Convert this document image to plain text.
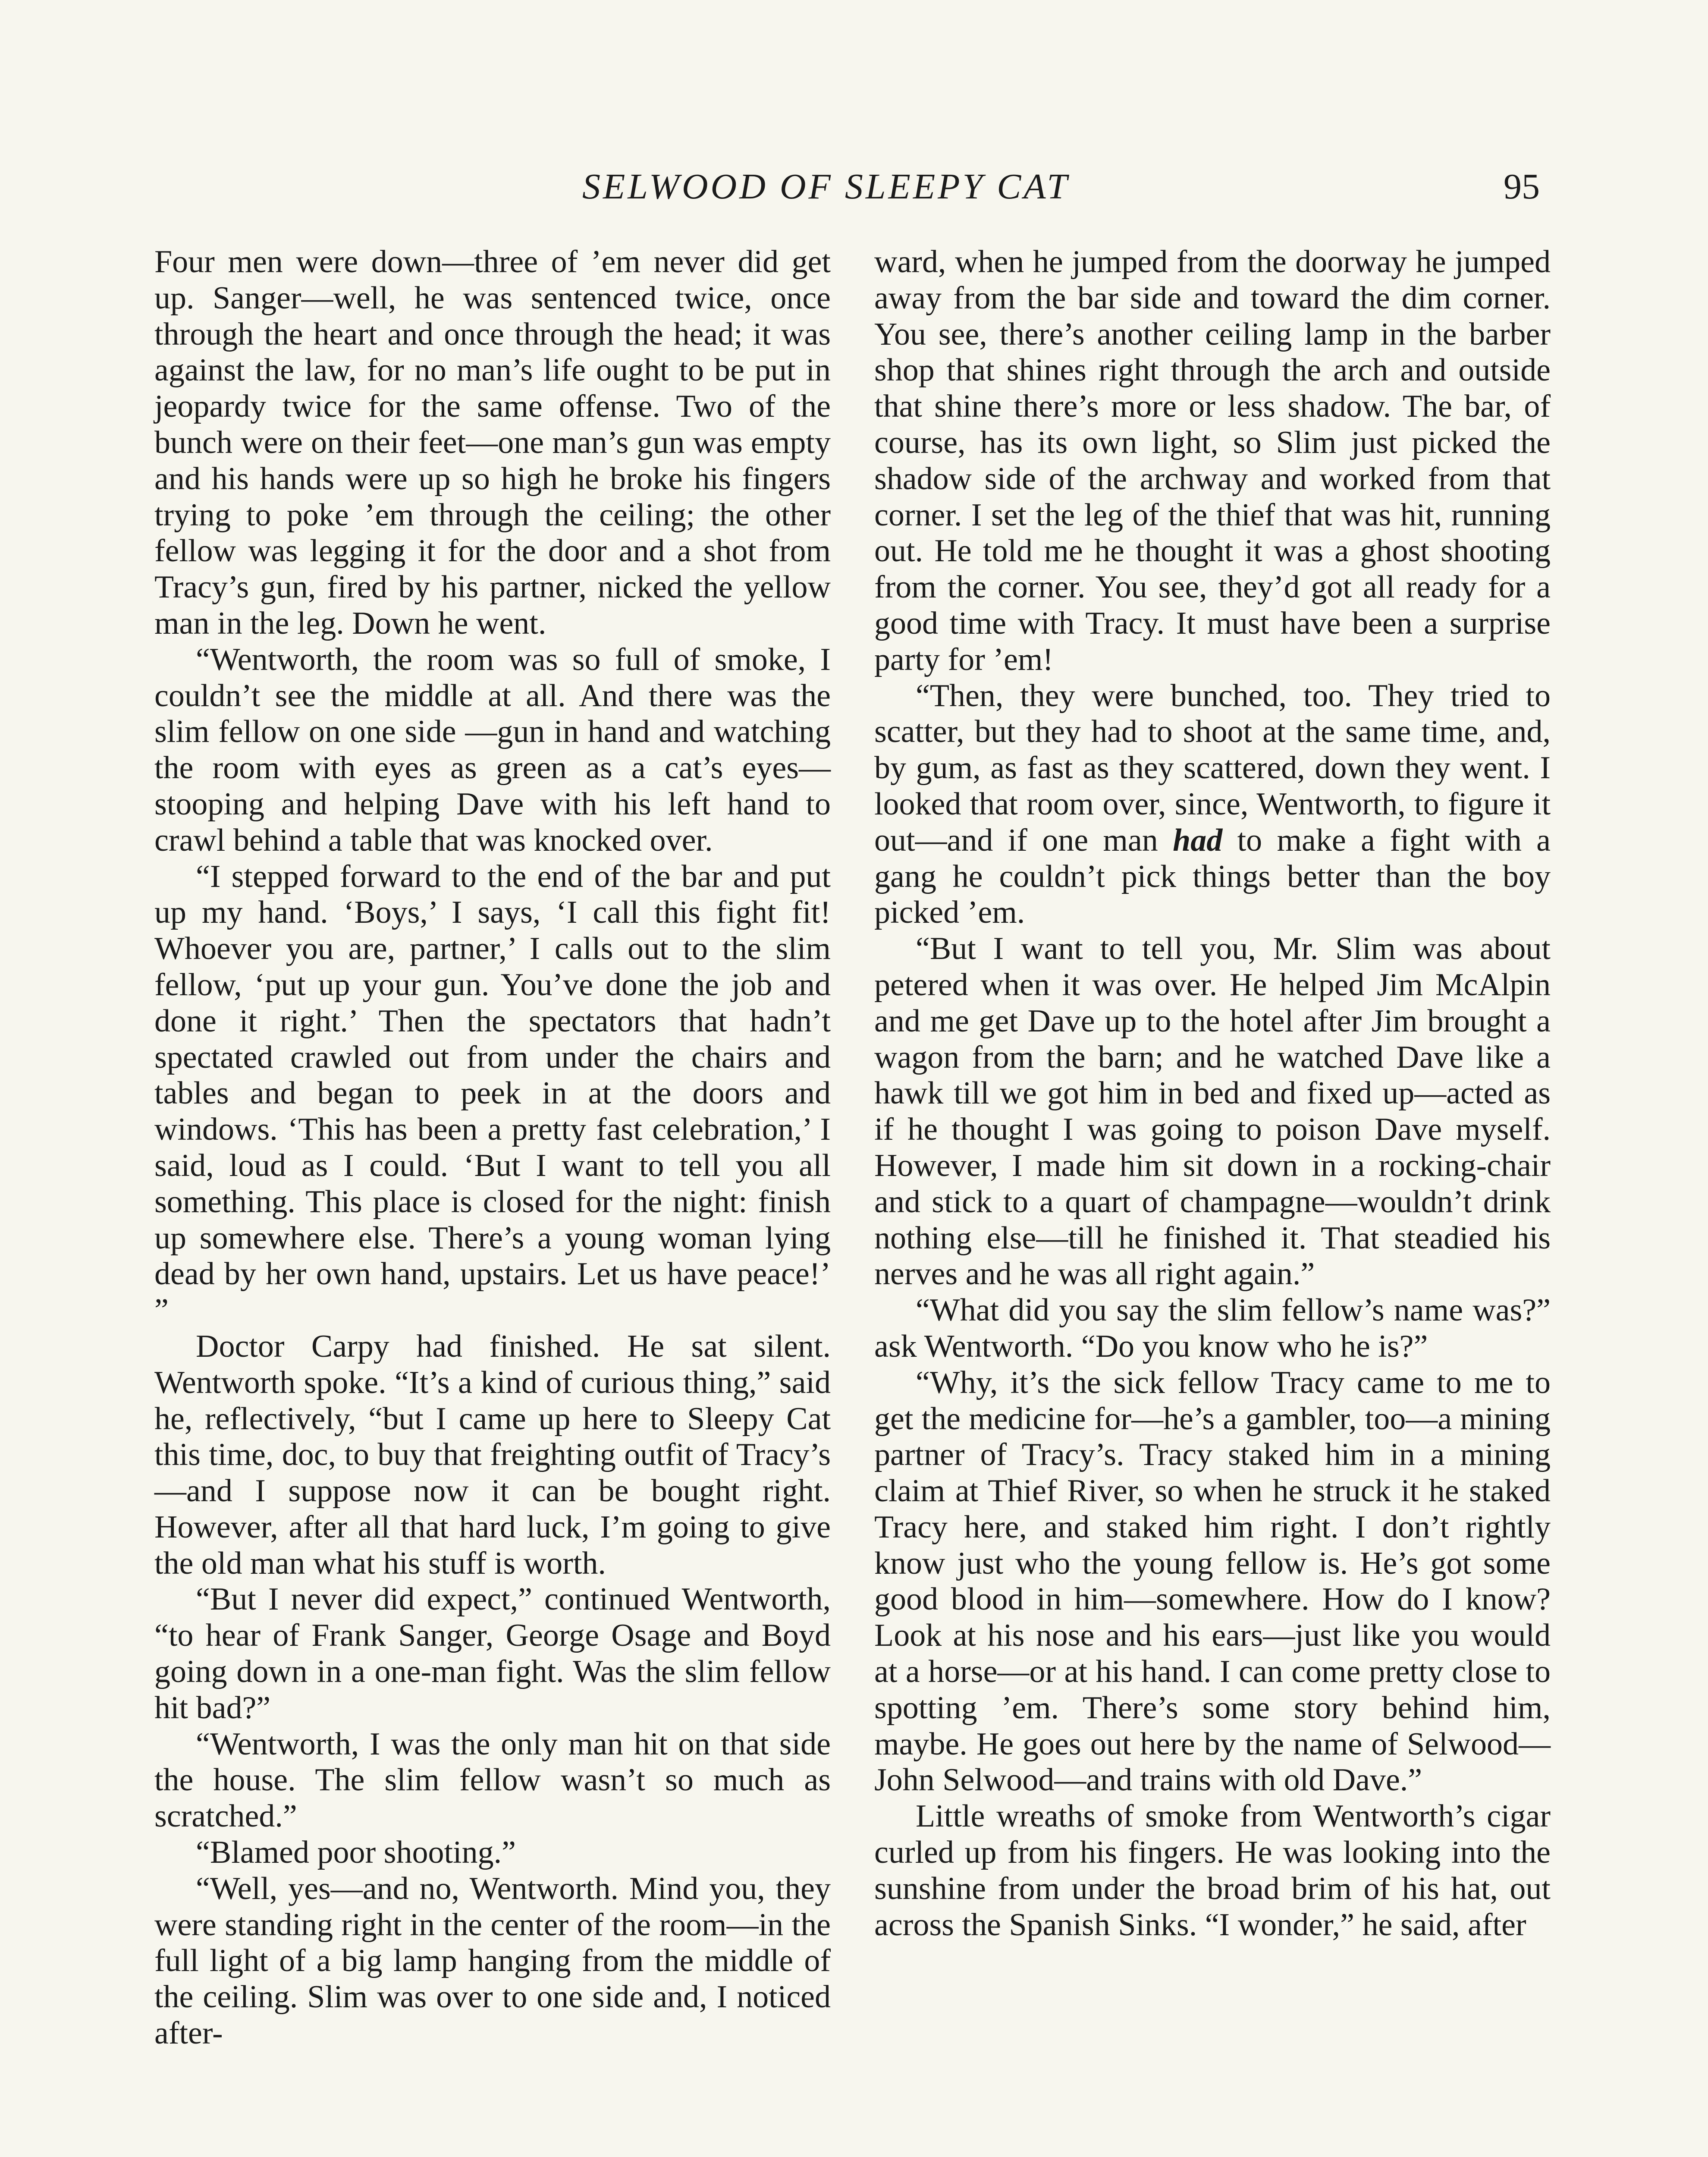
SELWOOD OF SLEEPY CAT	95

Four men were down—three of ’em never did get up. Sanger—well, he was sentenced twice, once through the heart and once through the head; it was against the law, for no man’s life ought to be put in jeopardy twice for the same offense. Two of the bunch were on their feet—one man’s gun was empty and his hands were up so high he broke his fingers trying to poke ’em through the ceiling; the other fellow was legging it for the door and a shot from Tracy’s gun, fired by his partner, nicked the yellow man in the leg. Down he went.

“Wentworth, the room was so full of smoke, I couldn’t see the middle at all. And there was the slim fellow on one side —gun in hand and watching the room with eyes as green as a cat’s eyes—stooping and helping Dave with his left hand to crawl behind a table that was knocked over.

“I stepped forward to the end of the bar and put up my hand. ‘Boys,’ I says, ‘I call this fight fit! Whoever you are, partner,’ I calls out to the slim fellow, ‘put up your gun. You’ve done the job and done it right.’ Then the spectators that hadn’t spectated crawled out from under the chairs and tables and began to peek in at the doors and windows. ‘This has been a pretty fast celebration,’ I said, loud as I could. ‘But I want to tell you all something. This place is closed for the night: finish up somewhere else. There’s a young woman lying dead by her own hand, upstairs. Let us have peace!’ ”

Doctor Carpy had finished. He sat silent. Wentworth spoke. “It’s a kind of curious thing,” said he, reflectively, “but I came up here to Sleepy Cat this time, doc, to buy that freighting outfit of Tracy’s—and I suppose now it can be bought right. However, after all that hard luck, I’m going to give the old man what his stuff is worth.

“But I never did expect,” continued Wentworth, “to hear of Frank Sanger, George Osage and Boyd going down in a one-man fight. Was the slim fellow hit bad?”

“Wentworth, I was the only man hit on that side the house. The slim fellow wasn’t so much as scratched.”

“Blamed poor shooting.”

“Well, yes—and no, Wentworth. Mind you, they were standing right in the center of the room—in the full light of a big lamp hanging from the middle of the ceiling. Slim was over to one side and, I noticed after-

ward, when he jumped from the doorway he jumped away from the bar side and toward the dim corner. You see, there’s another ceiling lamp in the barber shop that shines right through the arch and outside that shine there’s more or less shadow. The bar, of course, has its own light, so Slim just picked the shadow side of the archway and worked from that corner. I set the leg of the thief that was hit, running out. He told me he thought it was a ghost shooting from the corner. You see, they’d got all ready for a good time with Tracy. It must have been a surprise party for ’em!

“Then, they were bunched, too. They tried to scatter, but they had to shoot at the same time, and, by gum, as fast as they scattered, down they went. I looked that room over, since, Wentworth, to figure it out—and if one man had to make a fight with a gang he couldn’t pick things better than the boy picked ’em.

“But I want to tell you, Mr. Slim was about petered when it was over. He helped Jim McAlpin and me get Dave up to the hotel after Jim brought a wagon from the barn; and he watched Dave like a hawk till we got him in bed and fixed up—acted as if he thought I was going to poison Dave myself. However, I made him sit down in a rocking-chair and stick to a quart of champagne—wouldn’t drink nothing else—till he finished it. That steadied his nerves and he was all right again.”

“What did you say the slim fellow’s name was?” ask Wentworth. “Do you know who he is?”

“Why, it’s the sick fellow Tracy came to me to get the medicine for—he’s a gambler, too—a mining partner of Tracy’s. Tracy staked him in a mining claim at Thief River, so when he struck it he staked Tracy here, and staked him right. I don’t rightly know just who the young fellow is. He’s got some good blood in him—somewhere. How do I know? Look at his nose and his ears—just like you would at a horse—or at his hand. I can come pretty close to spotting ’em. There’s some story behind him, maybe. He goes out here by the name of Selwood—John Selwood—and trains with old Dave.”

Little wreaths of smoke from Wentworth’s cigar curled up from his fingers. He was looking into the sunshine from under the broad brim of his hat, out across the Spanish Sinks. “I wonder,” he said, after
